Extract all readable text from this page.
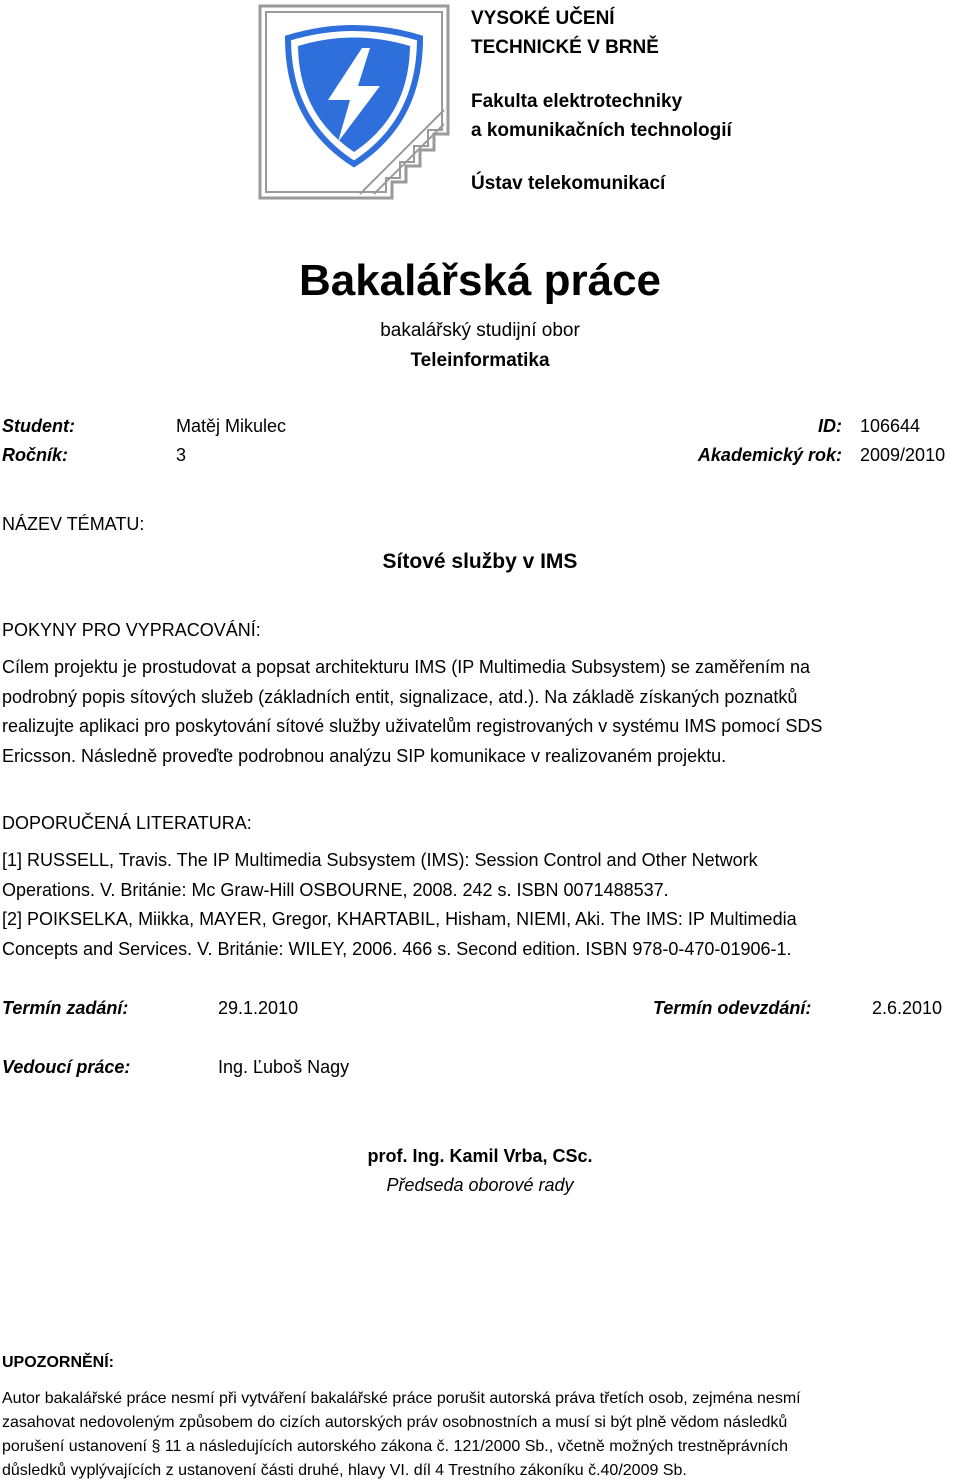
VYSOKÉ UČENÍ
TECHNICKÉ V BRNĚ
Fakulta elektrotechniky
a komunikačních technologií
Ústav telekomunikací
Bakalářská práce
bakalářský studijní obor
Teleinformatika
Student:	Matěj Mikulec	ID: 106644
Ročník:	3	Akademický rok: 2009/2010
NÁZEV TÉMATU:
Sítové služby v IMS
POKYNY PRO VYPRACOVÁNÍ:

Cílem projektu je prostudovat a popsat architekturu IMS (IP Multimedia Subsystem) se zaměřením na

podrobný popis sítových služeb (základních entit, signalizace, atd.). Na základě získaných poznatků

realizujte aplikaci pro poskytování sítové služby uživatelům registrovaných v systému IMS pomocí SDS

Ericsson. Následně proveďte podrobnou analýzu SIP komunikace v realizovaném projektu.

DOPORUČENÁ LITERATURA:

[1] RUSSELL, Travis. The IP Multimedia Subsystem (IMS): Session Control and Other Network

Operations. V. Británie: Mc Graw-Hill OSBOURNE, 2008. 242 s. ISBN 0071488537.

[2] POIKSELKA, Miikka, MAYER, Gregor, KHARTABIL, Hisham, NIEMI, Aki. The IMS: IP Multimedia

Concepts and Services. V. Británie: WILEY, 2006. 466 s. Second edition. ISBN 978-0-470-01906-1.

Termín zadání:	29.1.2010	Termín odevzdání:	2.6.2010
Vedoucí práce:	Ing. Ľuboš Nagy
prof. Ing. Kamil Vrba, CSc.
Předseda oborové rady
UPOZORNĚNÍ:
Autor bakalářské práce nesmí při vytváření bakalářské práce porušit autorská práva třetích osob, zejména nesmí
zasahovat nedovoleným způsobem do cizích autorských práv osobnostních a musí si být plně vědom následků
porušení ustanovení § 11 a následujících autorského zákona č. 121/2000 Sb., včetně možných trestněprávních
důsledků vyplývajících z ustanovení části druhé, hlavy VI. díl 4 Trestního zákoníku č.40/2009 Sb.
